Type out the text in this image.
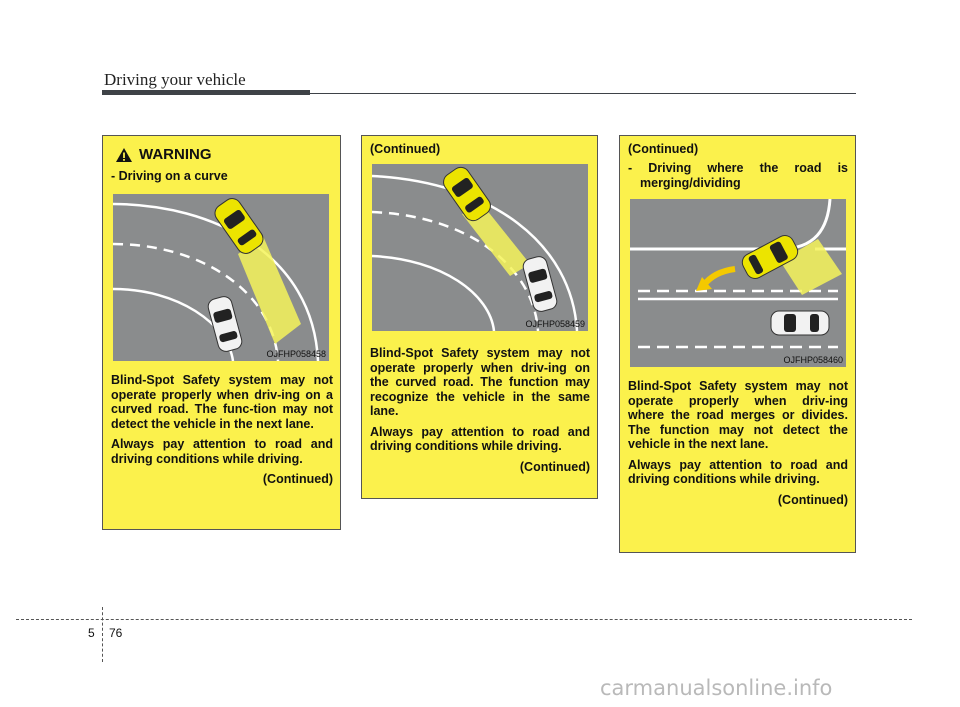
Driving your vehicle
WARNING
- Driving on a curve
OJFHP058458

Blind-Spot Safety system may not operate properly when driv-ing on a curved road. The func-tion may not detect the vehicle in the next lane.

Always pay attention to road and driving conditions while driving.

(Continued)
(Continued)
OJFHP058459

Blind-Spot Safety system may not operate properly when driv-ing on the curved road. The function may recognize the vehicle in the same lane.

Always pay attention to road and driving conditions while driving.

(Continued)
(Continued)
- Driving where the road is
merging/dividing
OJFHP058460

Blind-Spot Safety system may not operate properly when driv-ing where the road merges or divides. The function may not detect the vehicle in the next lane.

Always pay attention to road and driving conditions while driving.

(Continued)
5 76
carmanualsonline.info
